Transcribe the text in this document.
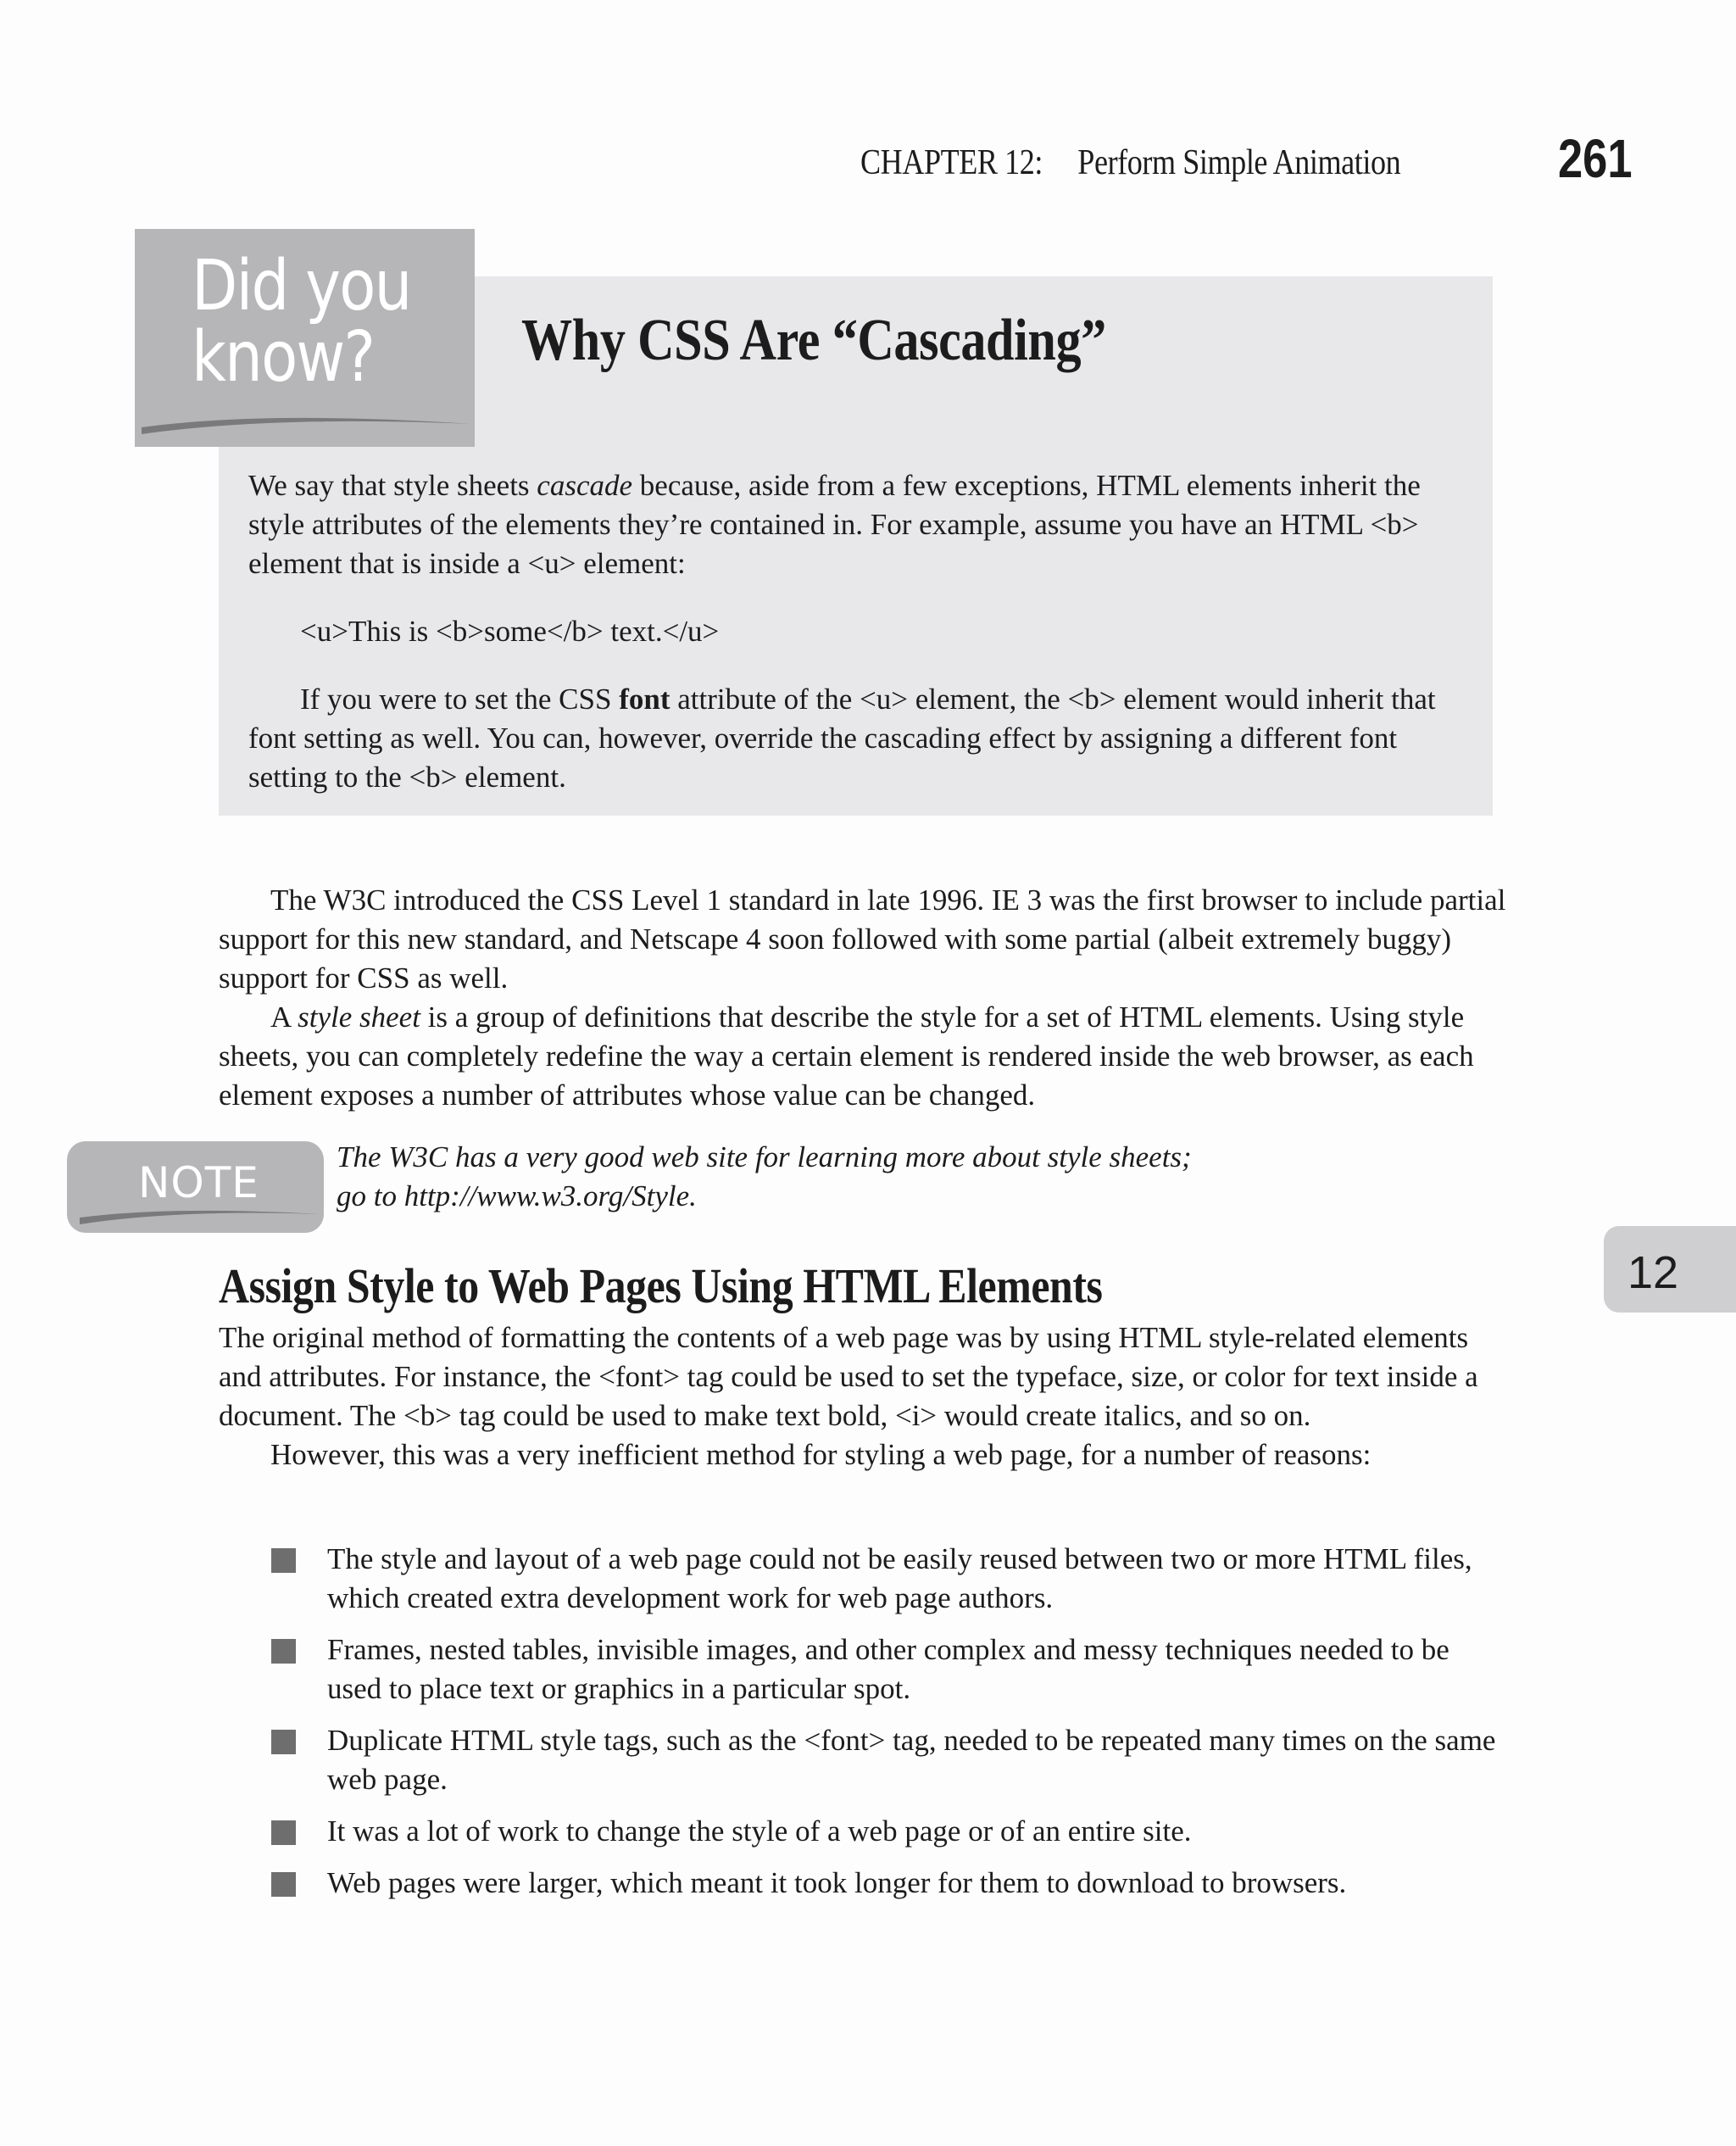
CHAPTER 12: Perform Simple Animation	261
Did you
know?	Why CSS Are “Cascading”

We say that style sheets cascade because, aside from a few exceptions, HTML elements inherit the style attributes of the elements they’re contained in. For example, assume you have an HTML <b> element that is inside a <u> element:

<u>This is <b>some</b> text.</u>

If you were to set the CSS font attribute of the <u> element, the <b> element would inherit that font setting as well. You can, however, override the cascading effect by assigning a different font setting to the <b> element.

The W3C introduced the CSS Level 1 standard in late 1996. IE 3 was the first browser to include partial support for this new standard, and Netscape 4 soon followed with some partial (albeit extremely buggy) support for CSS as well.

A style sheet is a group of definitions that describe the style for a set of HTML elements. Using style sheets, you can completely redefine the way a certain element is rendered inside the web browser, as each element exposes a number of attributes whose value can be changed.

NOTE
The W3C has a very good web site for learning more about style sheets;
go to http://www.w3.org/Style.
12
Assign Style to Web Pages Using HTML Elements

The original method of formatting the contents of a web page was by using HTML style-related elements and attributes. For instance, the <font> tag could be used to set the typeface, size, or color for text inside a document. The <b> tag could be used to make text bold, <i> would create italics, and so on.

However, this was a very inefficient method for styling a web page, for a number of reasons:

The style and layout of a web page could not be easily reused between two or more HTML files, which created extra development work for web page authors.
Frames, nested tables, invisible images, and other complex and messy techniques needed to be used to place text or graphics in a particular spot.
Duplicate HTML style tags, such as the <font> tag, needed to be repeated many times on the same web page.
It was a lot of work to change the style of a web page or of an entire site.
Web pages were larger, which meant it took longer for them to download to browsers.
